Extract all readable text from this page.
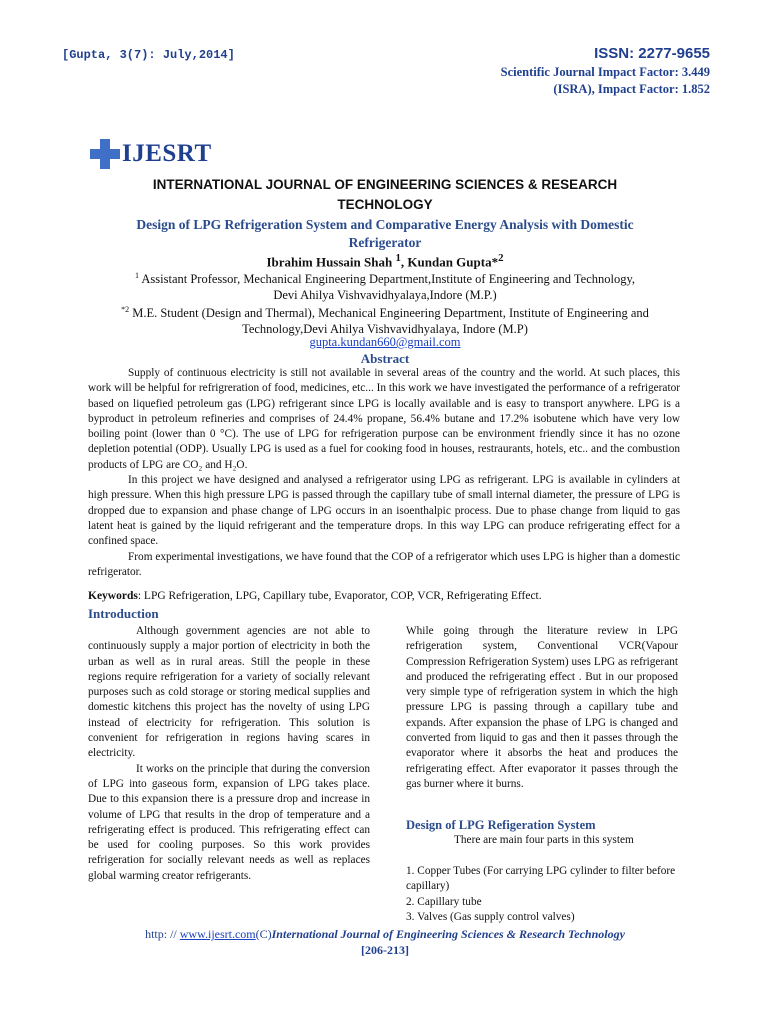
[Gupta, 3(7): July,2014]	ISSN: 2277-9655
Scientific Journal Impact Factor: 3.449
(ISRA), Impact Factor: 1.852
IJESRT
INTERNATIONAL JOURNAL OF ENGINEERING SCIENCES & RESEARCH
TECHNOLOGY
Design of LPG Refrigeration System and Comparative Energy Analysis with Domestic
Refrigerator
Ibrahim Hussain Shah $^1$, Kundan Gupta*$^2$
$^1$ Assistant Professor, Mechanical Engineering Department,Institute of Engineering and Technology,
Devi Ahilya Vishvavidhyalaya,Indore (M.P.)
$^{*2}$ M.E. Student (Design and Thermal), Mechanical Engineering Department, Institute of Engineering and
Technology,Devi Ahilya Vishvavidhyalaya, Indore (M.P)
gupta.kundan660@gmail.com
Abstract

Supply of continuous electricity is still not available in several areas of the country and the world. At such places, this work will be helpful for refrigreration of food, medicines, etc... In this work we have investigated the performance of a refrigerator based on liquefied petroleum gas (LPG) refrigerant since LPG is locally available and is easy to transport anywhere. LPG is a byproduct in petroleum refineries and comprises of 24.4% propane, 56.4% butane and 17.2% isobutene which have very low boiling point (lower than 0 °C). The use of LPG for refrigeration purpose can be environment friendly since it has no ozone depletion potential (ODP). Usually LPG is used as a fuel for cooking food in houses, restraurants, hotels, etc.. and the combustion products of LPG are CO₂ and H₂O.

In this project we have designed and analysed a refrigerator using LPG as refrigerant. LPG is available in cylinders at high pressure. When this high pressure LPG is passed through the capillary tube of small internal diameter, the pressure of LPG is dropped due to expansion and phase change of LPG occurs in an isoenthalpic process. Due to phase change from liquid to gas latent heat is gained by the liquid refrigerant and the temperature drops. In this way LPG can produce refrigerating effect for a confined space.

From experimental investigations, we have found that the COP of a refrigerator which uses LPG is higher than a domestic refrigerator.

Keywords: LPG Refrigeration, LPG, Capillary tube, Evaporator, COP, VCR, Refrigerating Effect.
Introduction

Although government agencies are not able to continuously supply a major portion of electricity in both the urban as well as in rural areas. Still the people in these regions require refrigeration for a variety of socially relevant purposes such as cold storage or storing medical supplies and domestic kitchens this project has the novelty of using LPG instead of electricity for refrigeration. This solution is convenient for refrigeration in regions having scares in electricity.

It works on the principle that during the conversion of LPG into gaseous form, expansion of LPG takes place. Due to this expansion there is a pressure drop and increase in volume of LPG that results in the drop of temperature and a refrigerating effect is produced. This refrigerating effect can be used for cooling purposes. So this work provides refrigeration for socially relevant needs as well as replaces global warming creator refrigerants.

While going through the literature review in LPG refrigeration system, Conventional VCR(Vapour Compression Refrigeration System) uses LPG as refrigerant and produced the refrigerating effect . But in our proposed very simple type of refrigeration system in which the high pressure LPG is passing through a capillary tube and expands. After expansion the phase of LPG is changed and converted from liquid to gas and then it passes through the evaporator where it absorbs the heat and produces the refrigerating effect. After evaporator it passes through the gas burner where it burns.

Design of LPG Refigeration System
There are main four parts in this system
1. Copper Tubes (For carrying LPG cylinder to filter before capillary)
2. Capillary tube
3. Valves (Gas supply control valves)
http: // www.ijesrt.com(C)International Journal of Engineering Sciences & Research Technology
[206-213]
